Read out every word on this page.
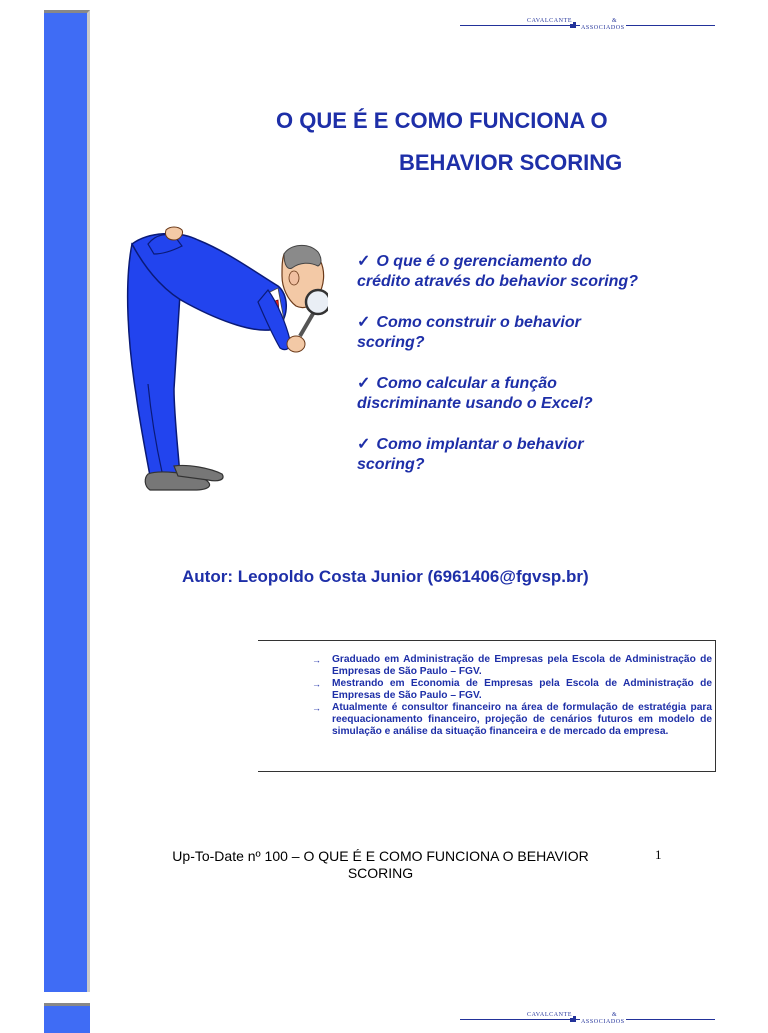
CAVALCANTE	&
ASSOCIADOS
CAVALCANTE	&
ASSOCIADOS
O QUE É E COMO FUNCIONA O
BEHAVIOR SCORING
✓ O que é o gerenciamento do crédito através do behavior scoring?
✓ Como construir o behavior scoring?
✓ Como calcular a função discriminante usando o Excel?
✓ Como implantar o behavior scoring?
Autor: Leopoldo Costa Junior (6961406@fgvsp.br)
→ Graduado em Administração de Empresas pela Escola de Administração de Empresas de São Paulo – FGV.
→ Mestrando em Economia de Empresas pela Escola de Administração de Empresas de São Paulo – FGV.
→ Atualmente é consultor financeiro na área de formulação de estratégia para reequacionamento financeiro, projeção de cenários futuros em modelo de simulação e análise da situação financeira e de mercado da empresa.
Up-To-Date nº 100 – O QUE É E COMO FUNCIONA O BEHAVIOR
SCORING
1
